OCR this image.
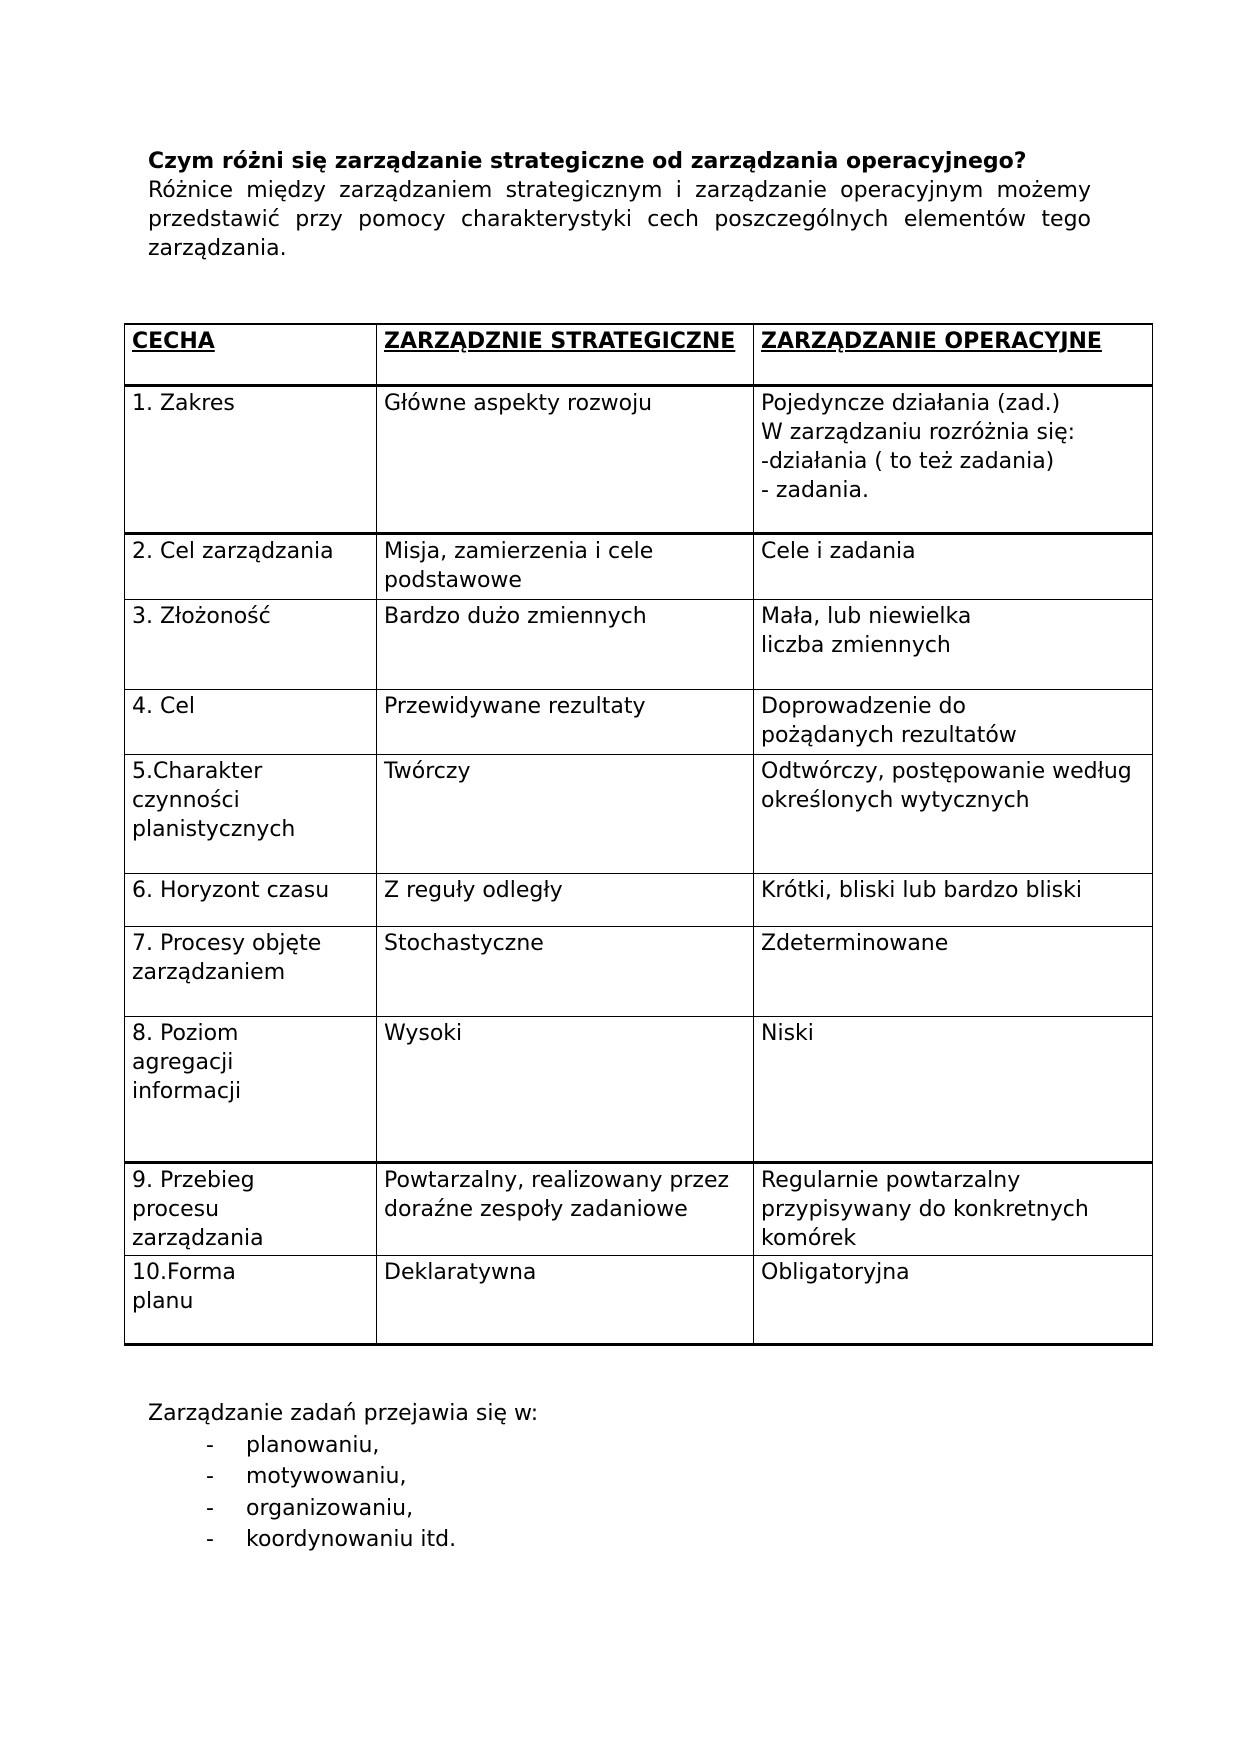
Czym różni się zarządzanie strategiczne od zarządzania operacyjnego?
Różnice między zarządzaniem strategicznym i zarządzanie operacyjnym możemy przedstawić przy pomocy charakterystyki cech poszczególnych elementów tego zarządzania.
CECHA	ZARZĄDZNIE STRATEGICZNE	ZARZĄDZANIE OPERACYJNE
1. Zakres	Główne aspekty rozwoju	Pojedyncze działania (zad.)
W zarządzaniu rozróżnia się:
-działania ( to też zadania)
- zadania.
2. Cel zarządzania	Misja, zamierzenia i cele podstawowe	Cele i zadania
3. Złożoność	Bardzo dużo zmiennych	Mała, lub niewielka
liczba zmiennych
4. Cel	Przewidywane rezultaty	Doprowadzenie do
pożądanych rezultatów
5.Charakter czynności planistycznych	Twórczy	Odtwórczy, postępowanie według określonych wytycznych
6. Horyzont czasu	Z reguły odległy	Krótki, bliski lub bardzo bliski
7. Procesy objęte
zarządzaniem	Stochastyczne	Zdeterminowane
8. Poziom
agregacji
informacji	Wysoki	Niski
9. Przebieg
procesu
zarządzania	Powtarzalny, realizowany przez doraźne zespoły zadaniowe	Regularnie powtarzalny przypisywany do konkretnych komórek
10.Forma
planu	Deklaratywna	Obligatoryjna
Zarządzanie zadań przejawia się w:
- planowaniu,
- motywowaniu,
- organizowaniu,
- koordynowaniu itd.
